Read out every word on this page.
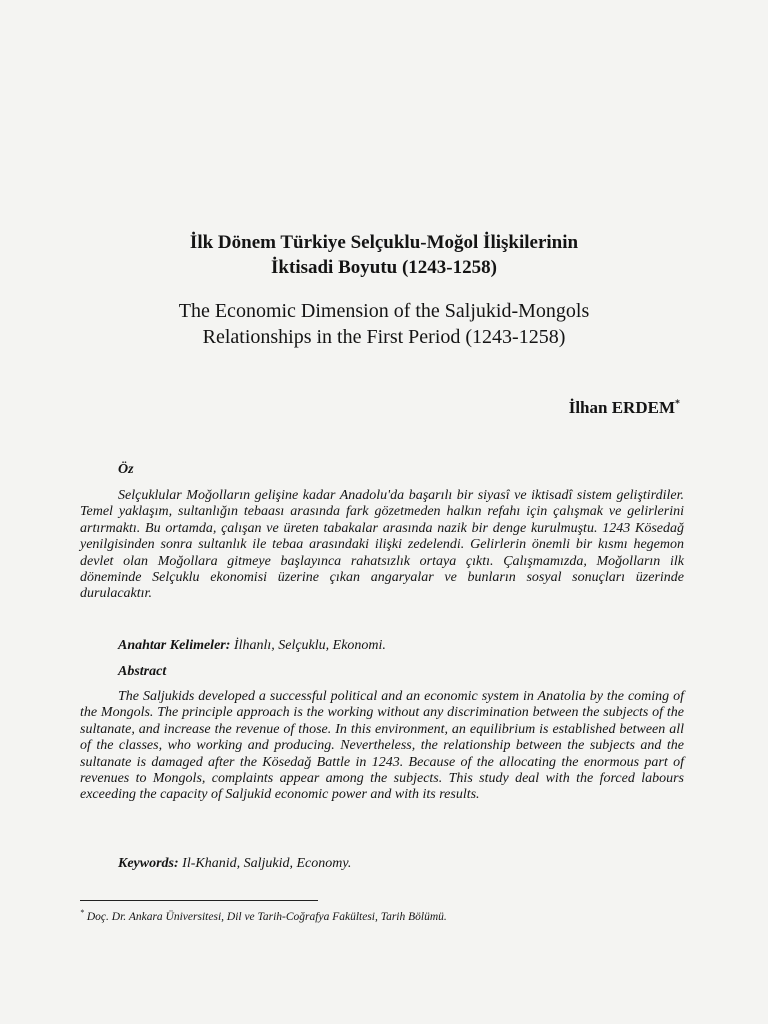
İlk Dönem Türkiye Selçuklu-Moğol İlişkilerinin
İktisadi Boyutu (1243-1258)
The Economic Dimension of the Saljukid-Mongols
Relationships in the First Period (1243-1258)
İlhan ERDEM*
Öz
Selçuklular Moğolların gelişine kadar Anadolu'da başarılı bir siyasî ve iktisadî sistem geliştirdiler. Temel yaklaşım, sultanlığın tebaası arasında fark gözetmeden halkın refahı için çalışmak ve gelirlerini artırmaktı. Bu ortamda, çalışan ve üreten tabakalar arasında nazik bir denge kurulmuştu. 1243 Kösedağ yenilgisinden sonra sultanlık ile tebaa arasındaki ilişki zedelendi. Gelirlerin önemli bir kısmı hegemon devlet olan Moğollara gitmeye başlayınca rahatsızlık ortaya çıktı. Çalışmamızda, Moğolların ilk döneminde Selçuklu ekonomisi üzerine çıkan angaryalar ve bunların sosyal sonuçları üzerinde durulacaktır.
Anahtar Kelimeler: İlhanlı, Selçuklu, Ekonomi.
Abstract
The Saljukids developed a successful political and an economic system in Anatolia by the coming of the Mongols. The principle approach is the working without any discrimination between the subjects of the sultanate, and increase the revenue of those. In this environment, an equilibrium is established between all of the classes, who working and producing. Nevertheless, the relationship between the subjects and the sultanate is damaged after the Kösedağ Battle in 1243. Because of the allocating the enormous part of revenues to Mongols, complaints appear among the subjects. This study deal with the forced labours exceeding the capacity of Saljukid economic power and with its results.
Keywords: Il-Khanid, Saljukid, Economy.
* Doç. Dr. Ankara Üniversitesi, Dil ve Tarih-Coğrafya Fakültesi, Tarih Bölümü.
